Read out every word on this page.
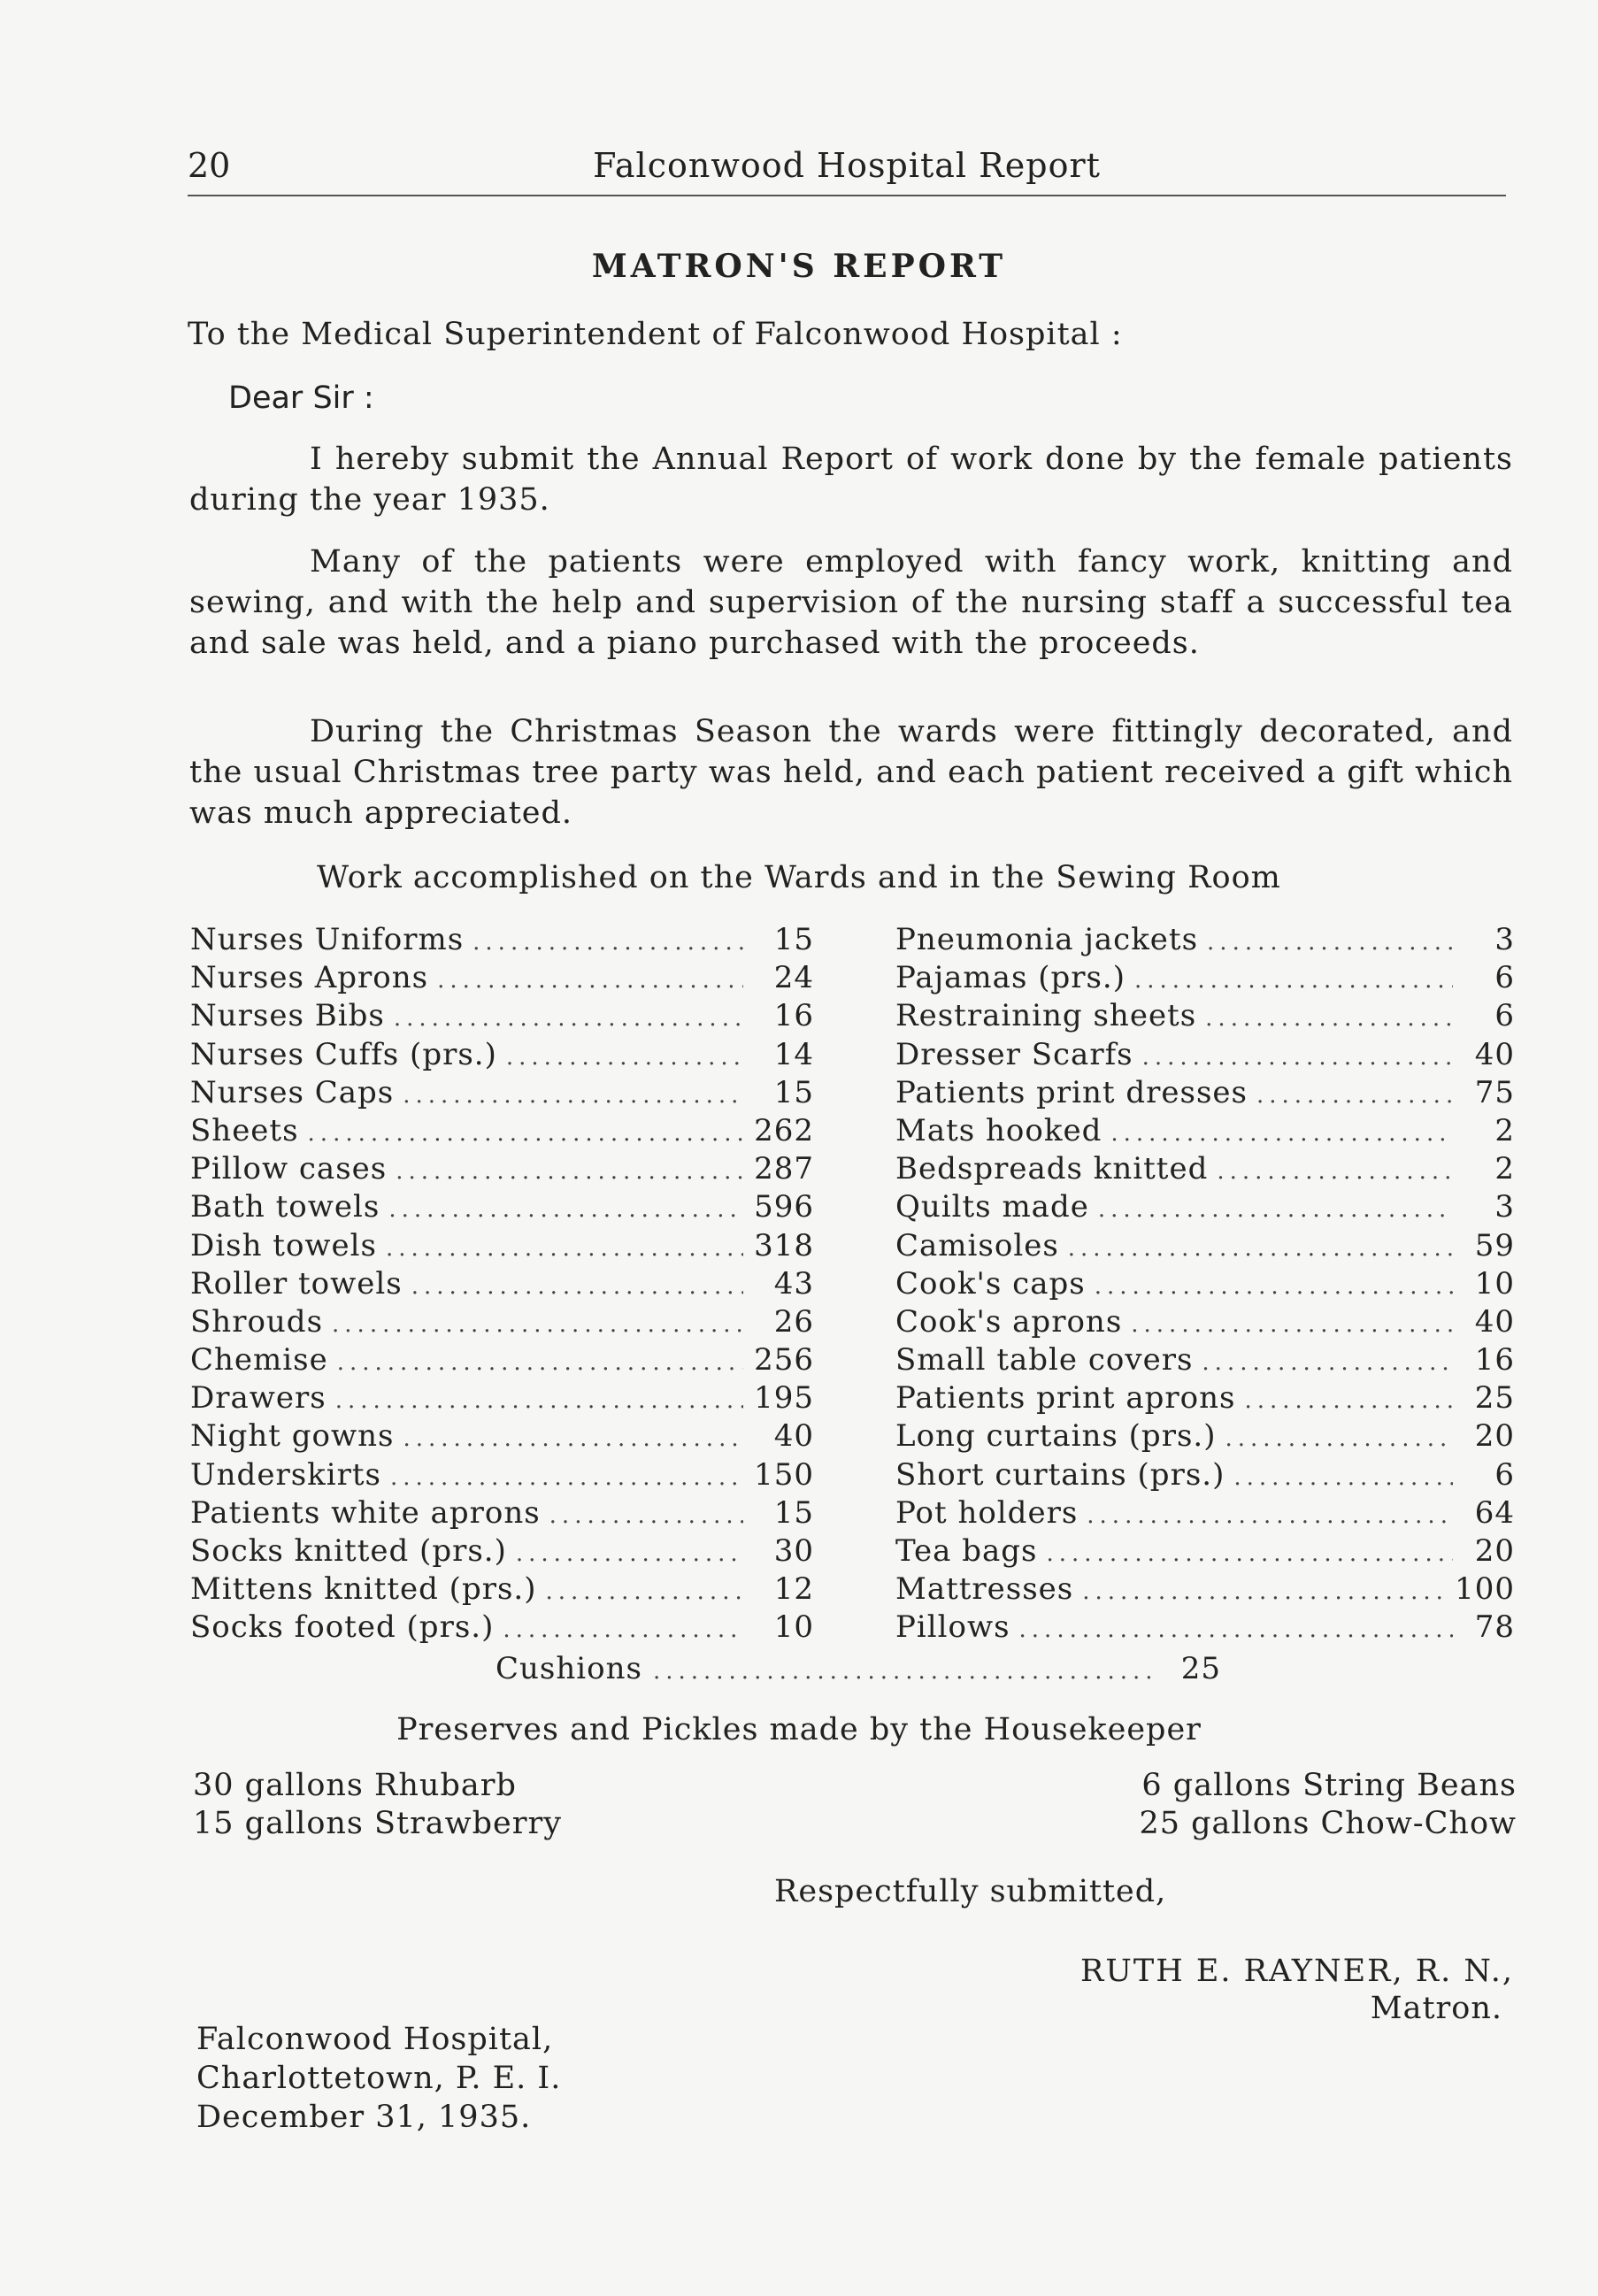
20	Falconwood Hospital Report
MATRON'S REPORT
To the Medical Superintendent of Falconwood Hospital :
Dear Sir :

I hereby submit the Annual Report of work done by the female patients during the year 1935.

Many of the patients were employed with fancy work, knitting and sewing, and with the help and supervision of the nursing staff a successful tea and sale was held, and a piano purchased with the proceeds.

During the Christmas Season the wards were fittingly decorated, and the usual Christmas tree party was held, and each patient received a gift which was much appreciated.

Work accomplished on the Wards and in the Sewing Room
Nurses Uniforms .....	15
Nurses Aprons .....	24
Nurses Bibs .....	16
Nurses Cuffs (prs.) .....	14
Nurses Caps .....	15
Sheets .....	262
Pillow cases .....	287
Bath towels .....	596
Dish towels .....	318
Roller towels .....	43
Shrouds .....	26
Chemise .....	256
Drawers .....	195
Night gowns .....	40
Underskirts .....	150
Patients white aprons .....	15
Socks knitted (prs.) .....	30
Mittens knitted (prs.) .....	12
Socks footed (prs.) .....	10
Pneumonia jackets .....	3
Pajamas (prs.) .....	6
Restraining sheets .....	6
Dresser Scarfs .....	40
Patients print dresses .....	75
Mats hooked .....	2
Bedspreads knitted .....	2
Quilts made .....	3
Camisoles .....	59
Cook's caps .....	10
Cook's aprons .....	40
Small table covers .....	16
Patients print aprons .....	25
Long curtains (prs.) .....	20
Short curtains (prs.) .....	6
Pot holders .....	64
Tea bags .....	20
Mattresses .....	100
Pillows .....	78
Cushions .....	25
Preserves and Pickles made by the Housekeeper
30 gallons Rhubarb
15 gallons Strawberry
6 gallons String Beans
25 gallons Chow-Chow
Respectfully submitted,
RUTH E. RAYNER, R. N.,
Matron.
Falconwood Hospital,
Charlottetown, P. E. I.
December 31, 1935.
